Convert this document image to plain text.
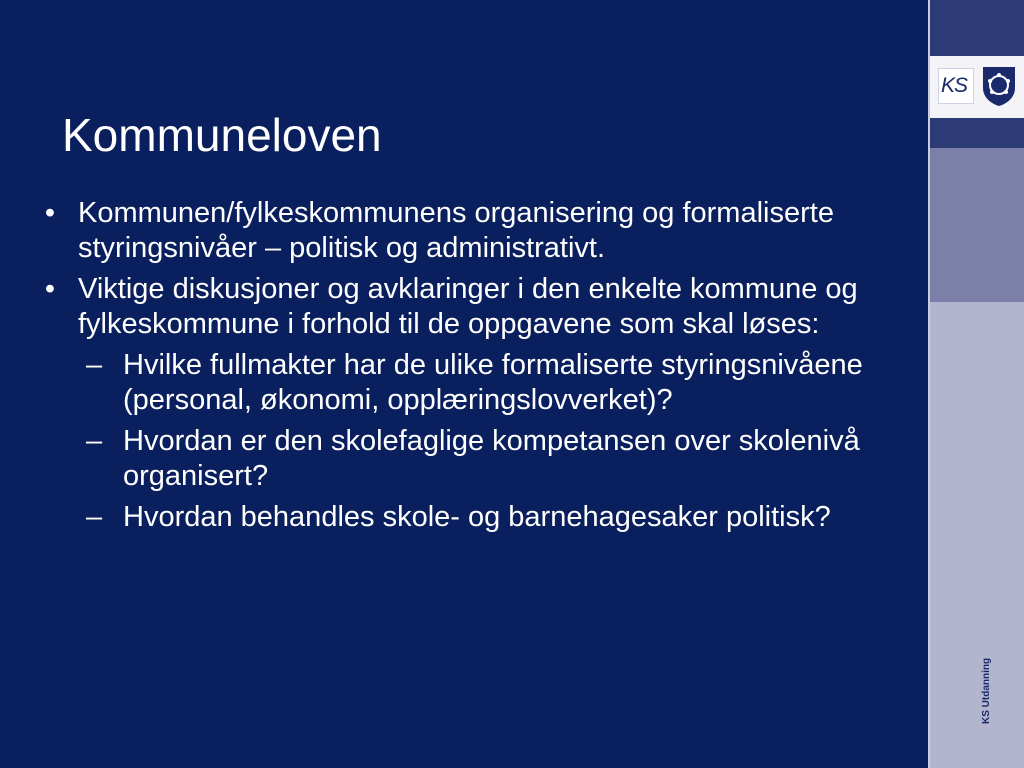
Kommuneloven
• Kommunen/fylkeskommunens organisering og formaliserte styringsnivåer – politisk og administrativt.
• Viktige diskusjoner og avklaringer i den enkelte kommune og fylkeskommune i forhold til de oppgavene som skal løses:
– Hvilke fullmakter har de ulike formaliserte styringsnivåene (personal, økonomi, opplæringslovverket)?
– Hvordan er den skolefaglige kompetansen over skolenivå organisert?
– Hvordan behandles skole- og barnehagesaker politisk?
KS
KS Utdanning
